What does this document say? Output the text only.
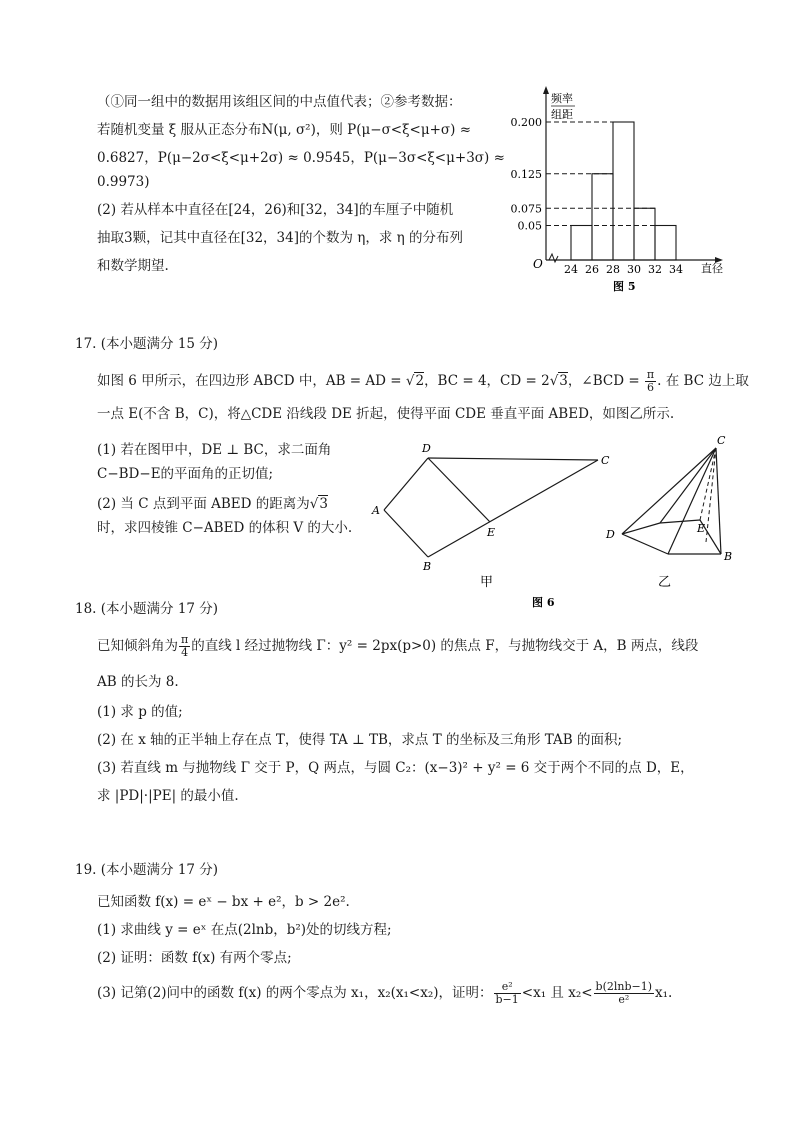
（①同一组中的数据用该组区间的中点值代表；②参考数据：
若随机变量 ξ 服从正态分布N(μ, σ²)，则 P(μ−σ<ξ<μ+σ) ≈
0.6827，P(μ−2σ<ξ<μ+2σ) ≈ 0.9545，P(μ−3σ<ξ<μ+3σ) ≈
0.9973)
(2) 若从样本中直径在[24，26)和[32，34]的车厘子中随机
抽取3颗，记其中直径在[32，34]的个数为 η，求 η 的分布列
和数学期望.
0.200
0.125
0.075
0.05
24 26 28 30 32 34
频率
组距
O	直径
图 5
17. (本小题满分 15 分)
如图 6 甲所示，在四边形 ABCD 中，AB = AD = √2，BC = 4，CD = 2√3，∠BCD = $\frac{\pi}{6}$ . 在 BC 边上取
一点 E(不含 B，C)，将△CDE 沿线段 DE 折起，使得平面 CDE 垂直平面 ABED，如图乙所示.
(1) 若在图甲中，DE ⊥ BC，求二面角
C−BD−E的平面角的正切值;
(2) 当 C 点到平面 ABED 的距离为√3
时，求四棱锥 C−ABED 的体积 V 的大小.
D
C
A
B
E
甲
C
D	E
B
乙
图 6
18. (本小题满分 17 分)
已知倾斜角为 $\frac{\pi}{4}$ 的直线 l 经过抛物线 Γ：y² = 2px(p>0) 的焦点 F，与抛物线交于 A，B 两点，线段
AB 的长为 8.
(1) 求 p 的值;
(2) 在 x 轴的正半轴上存在点 T，使得 TA ⊥ TB，求点 T 的坐标及三角形 TAB 的面积;
(3) 若直线 m 与抛物线 Γ 交于 P，Q 两点，与圆 C₂：(x−3)² + y² = 6 交于两个不同的点 D，E，
求 |PD|·|PE| 的最小值.
19. (本小题满分 17 分)
已知函数 f(x) = eˣ − bx + e²，b > 2e².
(1) 求曲线 y = eˣ 在点(2lnb，b²)处的切线方程;
(2) 证明：函数 f(x) 有两个零点;
(3) 记第(2)问中的函数 f(x) 的两个零点为 x₁，x₂(x₁<x₂)，证明： $\frac{\text{e²}}{b-1} <x_1$ 且 $x_2< \frac{b(2\ln b-1)}{\text{e²}} x_1$.
